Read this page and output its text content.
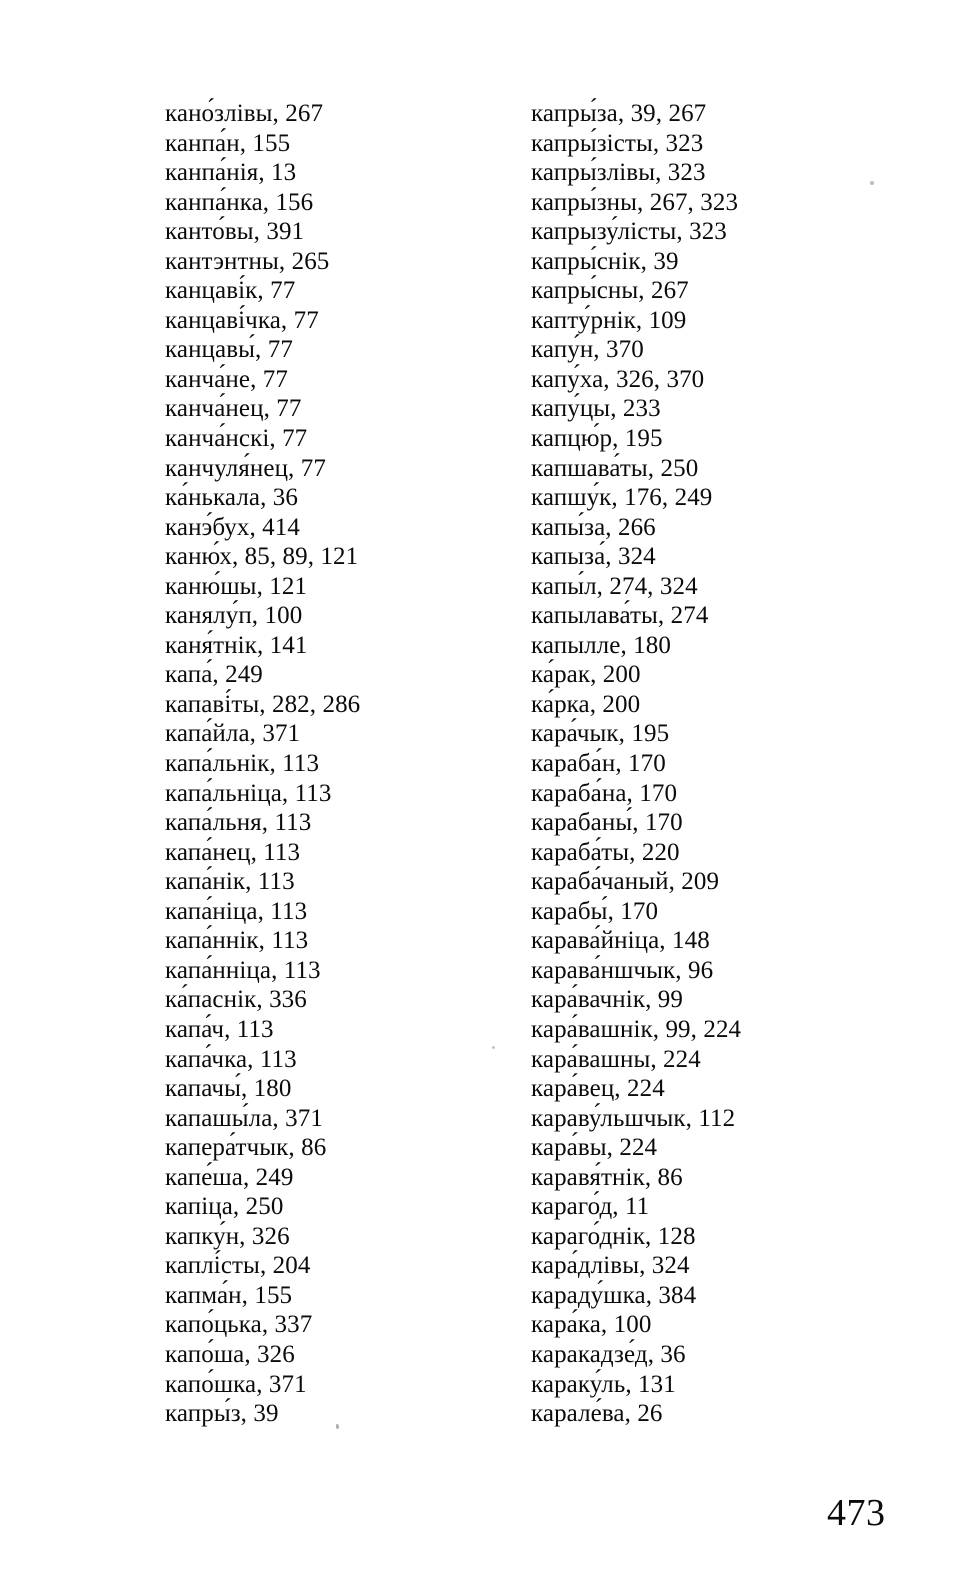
кано́злівы, 267
канпа́н, 155
канпа́нія, 13
канпа́нка, 156
канто́вы, 391
кантэнтны, 265
канцаві́к, 77
канцаві́чка, 77
канцавы́, 77
канча́не, 77
канча́нец, 77
канча́нскі, 77
канчуля́нец, 77
ка́нькала, 36
канэ́бух, 414
каню́х, 85, 89, 121
каню́шы, 121
канялу́п, 100
каня́тнік, 141
капа́, 249
капаві́ты, 282, 286
капа́йла, 371
капа́льнік, 113
капа́льніца, 113
капа́льня, 113
капа́нец, 113
капа́нік, 113
капа́ніца, 113
капа́ннік, 113
капа́нніца, 113
ка́паснік, 336
капа́ч, 113
капа́чка, 113
капачы́, 180
капашы́ла, 371
капера́тчык, 86
капе́ша, 249
капіца, 250
капку́н, 326
каплі́сты, 204
капма́н, 155
капо́цька, 337
капо́ша, 326
капо́шка, 371
капры́з, 39
капры́за, 39, 267
капры́зісты, 323
капры́злівы, 323
капры́зны, 267, 323
капрызу́лісты, 323
капры́снік, 39
капры́сны, 267
капту́рнік, 109
капу́н, 370
капу́ха, 326, 370
капу́цы, 233
капцю́р, 195
капшава́ты, 250
капшу́к, 176, 249
капы́за, 266
капыза́, 324
капы́л, 274, 324
капылава́ты, 274
капылле, 180
ка́рак, 200
ка́рка, 200
кара́чык, 195
караба́н, 170
караба́на, 170
карабаны́, 170
караба́ты, 220
караба́чаный, 209
карабы́, 170
карава́йніца, 148
карава́ншчык, 96
кара́вачнік, 99
кара́вашнік, 99, 224
кара́вашны, 224
кара́вец, 224
караву́льшчык, 112
кара́вы, 224
каравя́тнік, 86
караго́д, 11
караго́днік, 128
кара́длівы, 324
караду́шка, 384
кара́ка, 100
каракадзе́д, 36
караку́ль, 131
карале́ва, 26
473
